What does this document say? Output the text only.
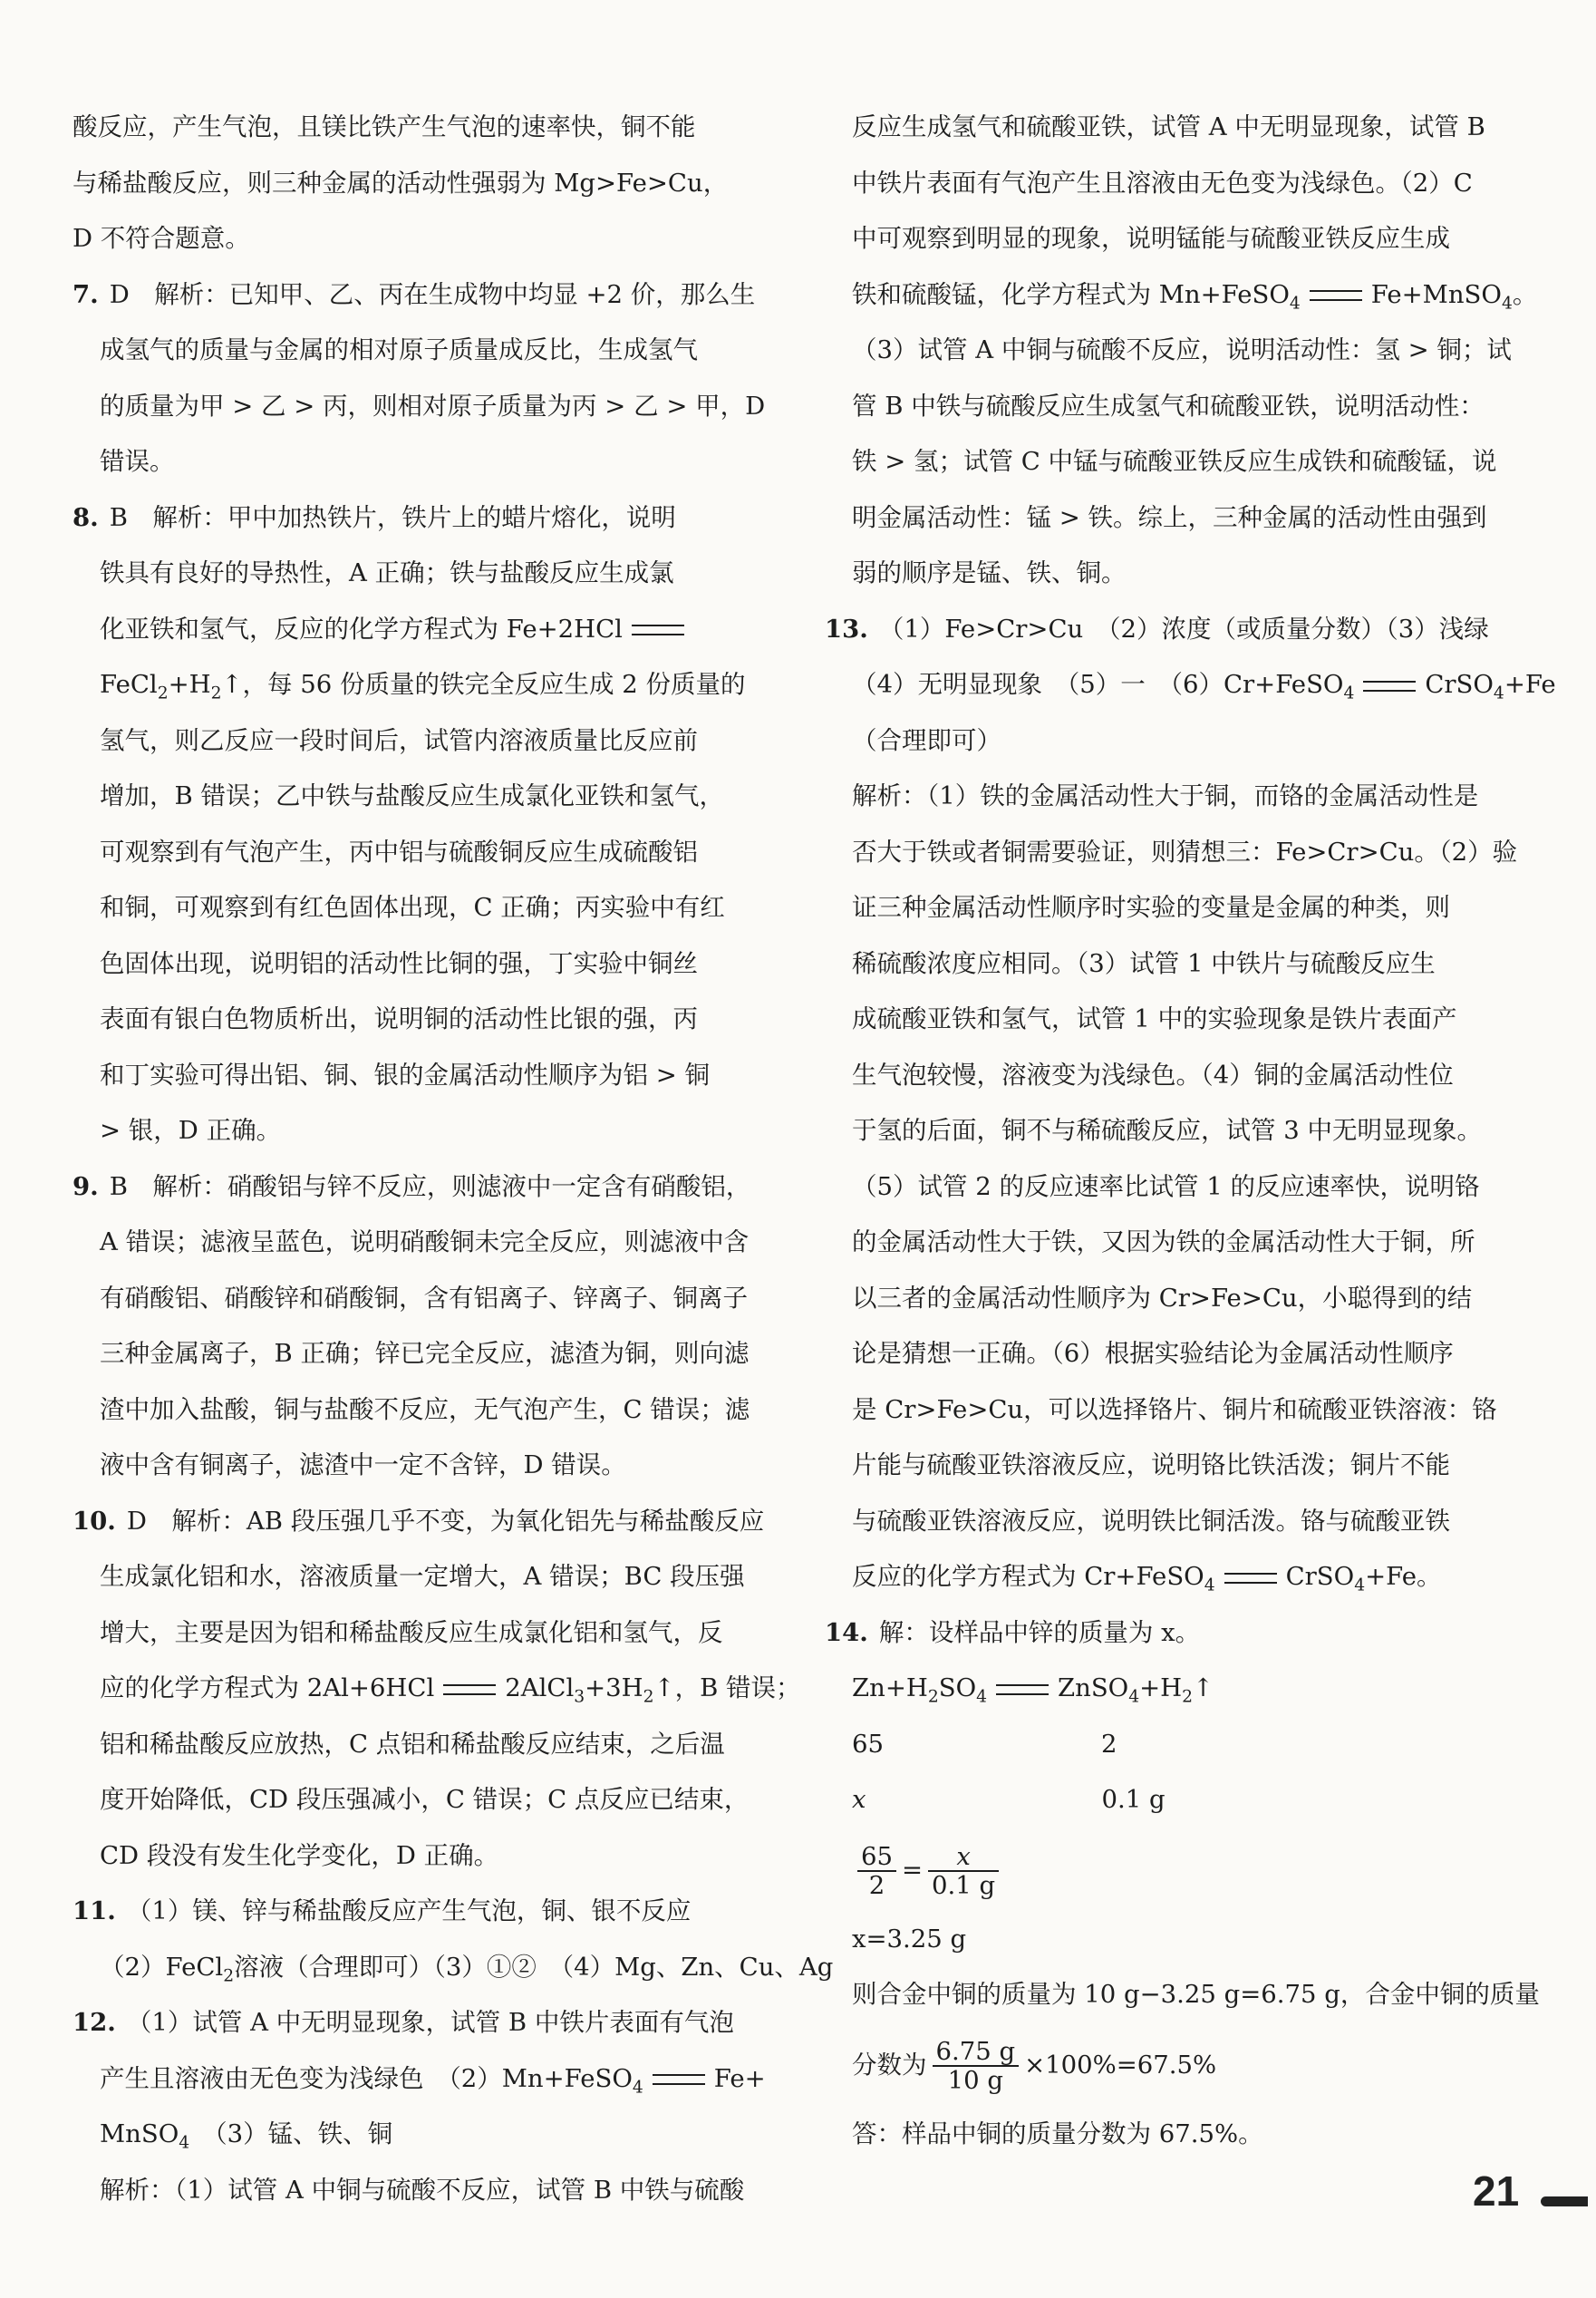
酸反应，产生气泡，且镁比铁产生气泡的速率快，铜不能
与稀盐酸反应，则三种金属的活动性强弱为 Mg>Fe>Cu，
D 不符合题意。
7. D　解析：已知甲、乙、丙在生成物中均显 +2 价，那么生
成氢气的质量与金属的相对原子质量成反比，生成氢气
的质量为甲 > 乙 > 丙，则相对原子质量为丙 > 乙 > 甲，D
错误。
8. B　解析：甲中加热铁片，铁片上的蜡片熔化，说明
铁具有良好的导热性，A 正确；铁与盐酸反应生成氯
化亚铁和氢气，反应的化学方程式为 Fe+2HCl
$FeCl_2+H_2↑$，每 56 份质量的铁完全反应生成 2 份质量的
氢气，则乙反应一段时间后，试管内溶液质量比反应前
增加，B 错误；乙中铁与盐酸反应生成氯化亚铁和氢气，
可观察到有气泡产生，丙中铝与硫酸铜反应生成硫酸铝
和铜，可观察到有红色固体出现，C 正确；丙实验中有红
色固体出现，说明铝的活动性比铜的强，丁实验中铜丝
表面有银白色物质析出，说明铜的活动性比银的强，丙
和丁实验可得出铝、铜、银的金属活动性顺序为铝 > 铜
> 银，D 正确。
9. B　解析：硝酸铝与锌不反应，则滤液中一定含有硝酸铝，
A 错误；滤液呈蓝色，说明硝酸铜未完全反应，则滤液中含
有硝酸铝、硝酸锌和硝酸铜，含有铝离子、锌离子、铜离子
三种金属离子，B 正确；锌已完全反应，滤渣为铜，则向滤
渣中加入盐酸，铜与盐酸不反应，无气泡产生，C 错误；滤
液中含有铜离子，滤渣中一定不含锌，D 错误。
10. D　解析：AB 段压强几乎不变，为氧化铝先与稀盐酸反应
生成氯化铝和水，溶液质量一定增大，A 错误；BC 段压强
增大，主要是因为铝和稀盐酸反应生成氯化铝和氢气，反
应的化学方程式为 2Al+6HCl	$2AlCl_3+3H_2↑$，B 错误；
铝和稀盐酸反应放热，C 点铝和稀盐酸反应结束，之后温
度开始降低，CD 段压强减小，C 错误；C 点反应已结束，
CD 段没有发生化学变化，D 正确。
11. （1）镁、锌与稀盐酸反应产生气泡，铜、银不反应
（2）FeCl$_2$溶液（合理即可）（3）①②　（4）Mg、Zn、Cu、Ag
12. （1）试管 A 中无明显现象，试管 B 中铁片表面有气泡
产生且溶液由无色变为浅绿色　（2）Mn+FeSO$_4$	Fe+
MnSO$_4$ （3）锰、铁、铜
解析：（1）试管 A 中铜与硫酸不反应，试管 B 中铁与硫酸
反应生成氢气和硫酸亚铁，试管 A 中无明显现象，试管 B
中铁片表面有气泡产生且溶液由无色变为浅绿色。（2）C
中可观察到明显的现象，说明锰能与硫酸亚铁反应生成
铁和硫酸锰，化学方程式为 Mn+FeSO$_4$	Fe+MnSO$_4$。
（3）试管 A 中铜与硫酸不反应，说明活动性：氢 > 铜；试
管 B 中铁与硫酸反应生成氢气和硫酸亚铁，说明活动性：
铁 > 氢；试管 C 中锰与硫酸亚铁反应生成铁和硫酸锰，说
明金属活动性：锰 > 铁。综上，三种金属的活动性由强到
弱的顺序是锰、铁、铜。
13. （1）Fe>Cr>Cu　（2）浓度（或质量分数）（3）浅绿
（4）无明显现象　（5）一　（6）Cr+FeSO$_4$	CrSO$_4$+Fe
（合理即可）
解析：（1）铁的金属活动性大于铜，而铬的金属活动性是
否大于铁或者铜需要验证，则猜想三：Fe>Cr>Cu。（2）验
证三种金属活动性顺序时实验的变量是金属的种类，则
稀硫酸浓度应相同。（3）试管 1 中铁片与硫酸反应生
成硫酸亚铁和氢气，试管 1 中的实验现象是铁片表面产
生气泡较慢，溶液变为浅绿色。（4）铜的金属活动性位
于氢的后面，铜不与稀硫酸反应，试管 3 中无明显现象。
（5）试管 2 的反应速率比试管 1 的反应速率快，说明铬
的金属活动性大于铁，又因为铁的金属活动性大于铜，所
以三者的金属活动性顺序为 Cr>Fe>Cu，小聪得到的结
论是猜想一正确。（6）根据实验结论为金属活动性顺序
是 Cr>Fe>Cu，可以选择铬片、铜片和硫酸亚铁溶液：铬
片能与硫酸亚铁溶液反应，说明铬比铁活泼；铜片不能
与硫酸亚铁溶液反应，说明铁比铜活泼。铬与硫酸亚铁
反应的化学方程式为 Cr+FeSO$_4$	CrSO$_4$+Fe。
14. 解：设样品中锌的质量为 x。
$Zn+H_2SO_4$	$ZnSO_4+H_2↑$
65	2
x	0.1 g
$\frac{65}{2} = \frac{x}{0.1 g}$
x=3.25 g
则合金中铜的质量为 10 g−3.25 g=6.75 g，合金中铜的质量
分数为 $\frac{6.75 g}{10 g} \times 100\%=67.5\%$
答：样品中铜的质量分数为 67.5%。
21
